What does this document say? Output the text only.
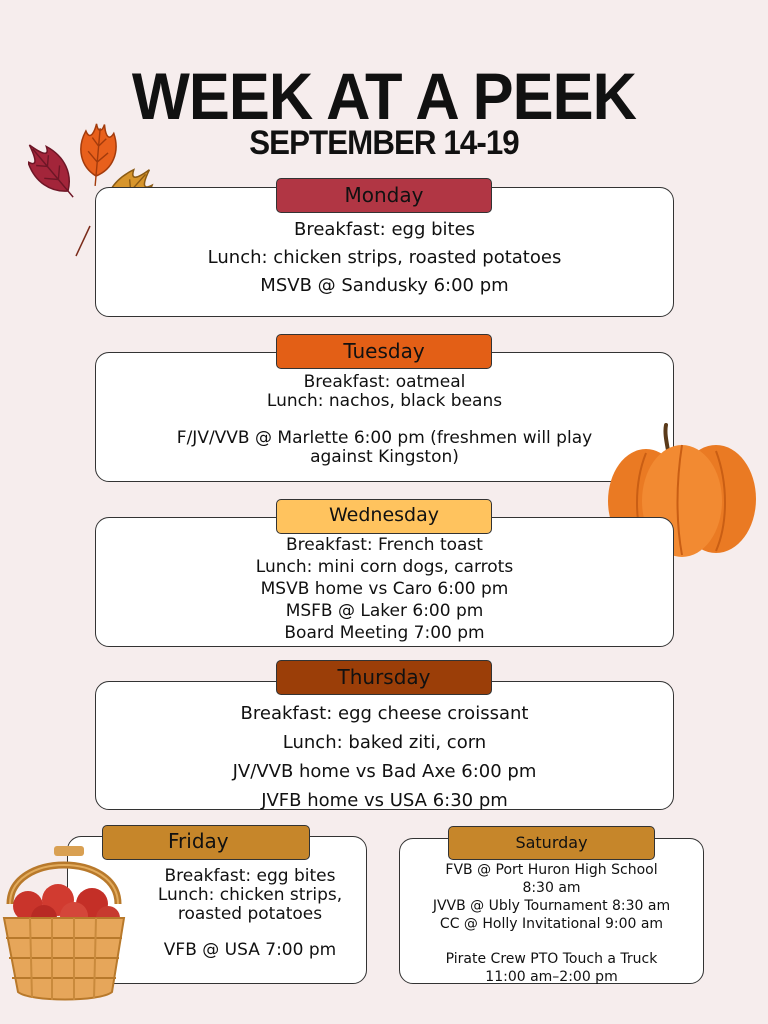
WEEK AT A PEEK
SEPTEMBER 14-19
Breakfast: egg bites
Lunch: chicken strips, roasted potatoes
MSVB @ Sandusky 6:00 pm
Monday
Breakfast: oatmeal
Lunch: nachos, black beans
F/JV/VVB @ Marlette 6:00 pm (freshmen will play
against Kingston)
Tuesday
Breakfast: French toast
Lunch: mini corn dogs, carrots
MSVB home vs Caro 6:00 pm
MSFB @ Laker 6:00 pm
Board Meeting 7:00 pm
Wednesday
Breakfast: egg cheese croissant
Lunch: baked ziti, corn
JV/VVB home vs Bad Axe 6:00 pm
JVFB home vs USA 6:30 pm
Thursday
Breakfast: egg bites
Lunch: chicken strips,
roasted potatoes
VFB @ USA 7:00 pm
Friday
FVB @ Port Huron High School
8:30 am
JVVB @ Ubly Tournament 8:30 am
CC @ Holly Invitational 9:00 am
Pirate Crew PTO Touch a Truck
11:00 am–2:00 pm
Saturday
